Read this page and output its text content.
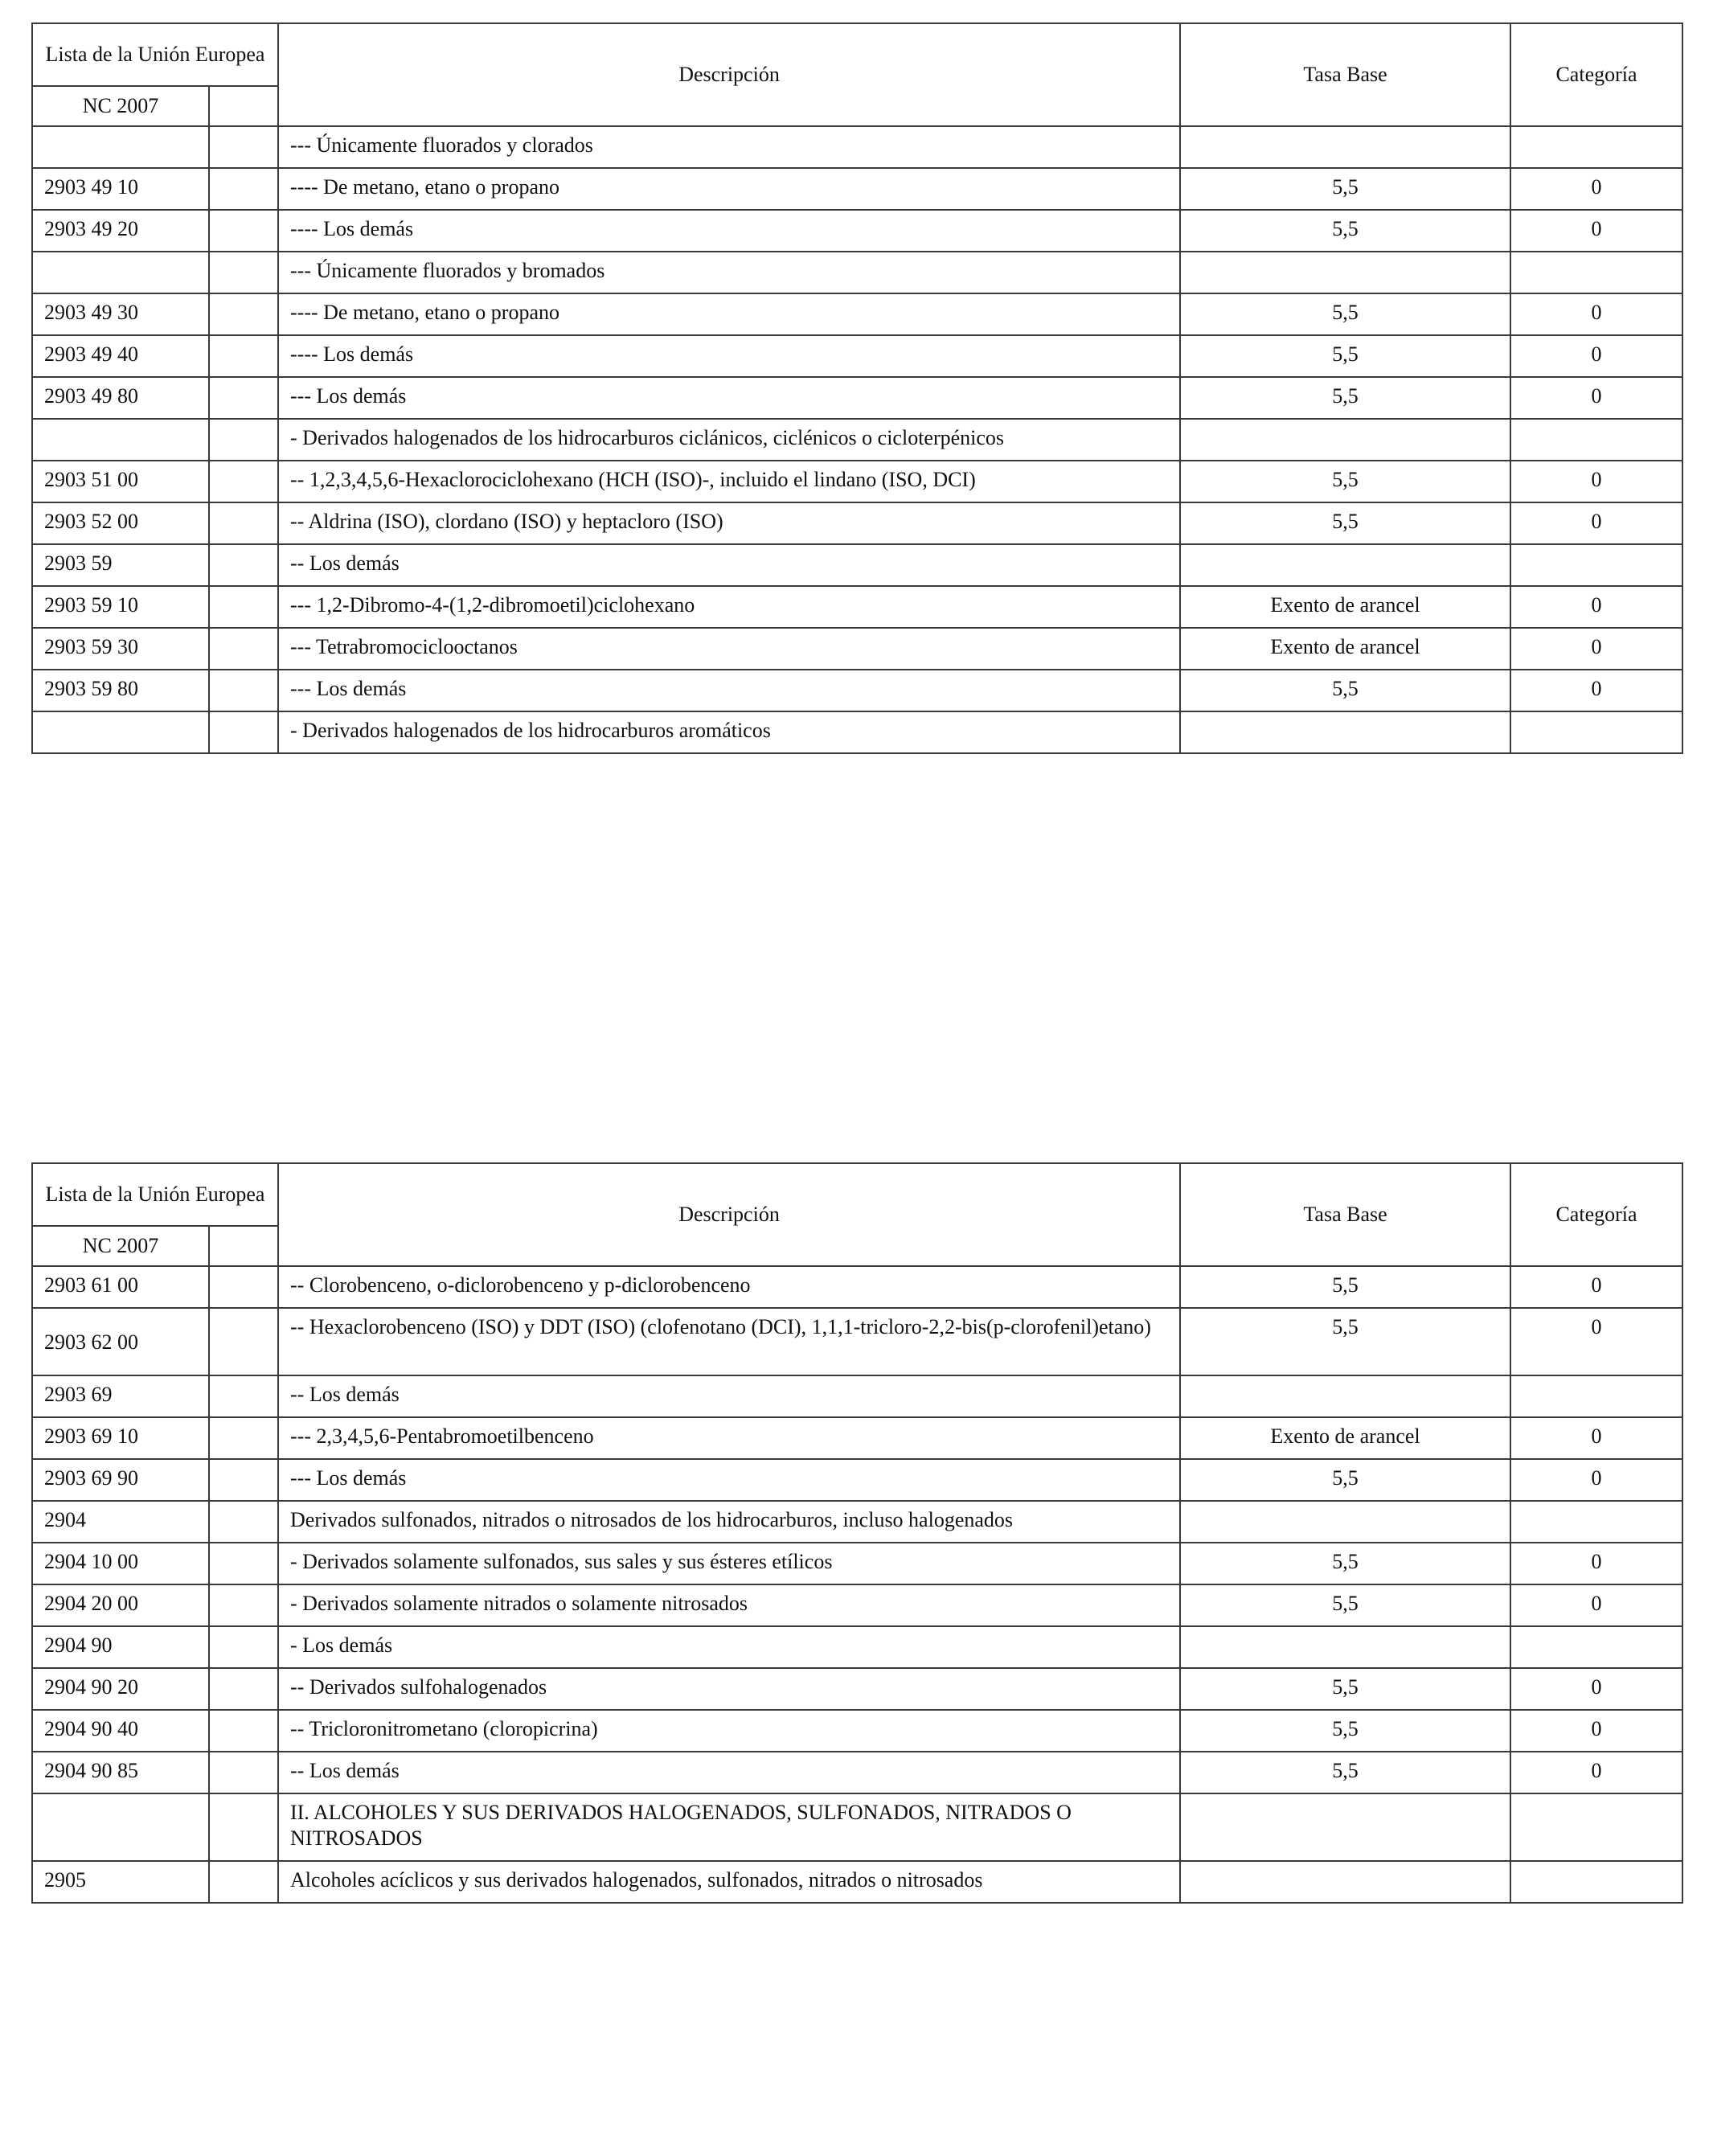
Lista de la Unión Europea		Descripción	Tasa Base	Categoría
NC 2007				
		--- Únicamente fluorados y clorados		
2903 49 10		---- De metano, etano o propano	5,5	0
2903 49 20		---- Los demás	5,5	0
		--- Únicamente fluorados y bromados		
2903 49 30		---- De metano, etano o propano	5,5	0
2903 49 40		---- Los demás	5,5	0
2903 49 80		--- Los demás	5,5	0
		- Derivados halogenados de los hidrocarburos ciclánicos, ciclénicos o cicloterpénicos		
2903 51 00		-- 1,2,3,4,5,6-Hexaclorociclohexano (HCH (ISO)-, incluido el lindano (ISO, DCI)	5,5	0
2903 52 00		-- Aldrina (ISO), clordano (ISO) y heptacloro (ISO)	5,5	0
2903 59		-- Los demás		
2903 59 10		--- 1,2-Dibromo-4-(1,2-dibromoetil)ciclohexano	Exento de arancel	0
2903 59 30		--- Tetrabromociclooctanos	Exento de arancel	0
2903 59 80		--- Los demás	5,5	0
		- Derivados halogenados de los hidrocarburos aromáticos		
Lista de la Unión Europea		Descripción	Tasa Base	Categoría
NC 2007				
2903 61 00		-- Clorobenceno, o-diclorobenceno y p-diclorobenceno	5,5	0
2903 62 00		-- Hexaclorobenceno (ISO) y DDT (ISO) (clofenotano (DCI), 1,1,1-tricloro-2,2-bis(p-clorofenil)etano)	5,5	0
2903 69		-- Los demás		
2903 69 10		--- 2,3,4,5,6-Pentabromoetilbenceno	Exento de arancel	0
2903 69 90		--- Los demás	5,5	0
2904		Derivados sulfonados, nitrados o nitrosados de los hidrocarburos, incluso halogenados		
2904 10 00		- Derivados solamente sulfonados, sus sales y sus ésteres etílicos	5,5	0
2904 20 00		- Derivados solamente nitrados o solamente nitrosados	5,5	0
2904 90		- Los demás		
2904 90 20		-- Derivados sulfohalogenados	5,5	0
2904 90 40		-- Tricloronitrometano (cloropicrina)	5,5	0
2904 90 85		-- Los demás	5,5	0
		II. ALCOHOLES Y SUS DERIVADOS HALOGENADOS, SULFONADOS, NITRADOS O NITROSADOS		
2905		Alcoholes acíclicos y sus derivados halogenados, sulfonados, nitrados o nitrosados		
